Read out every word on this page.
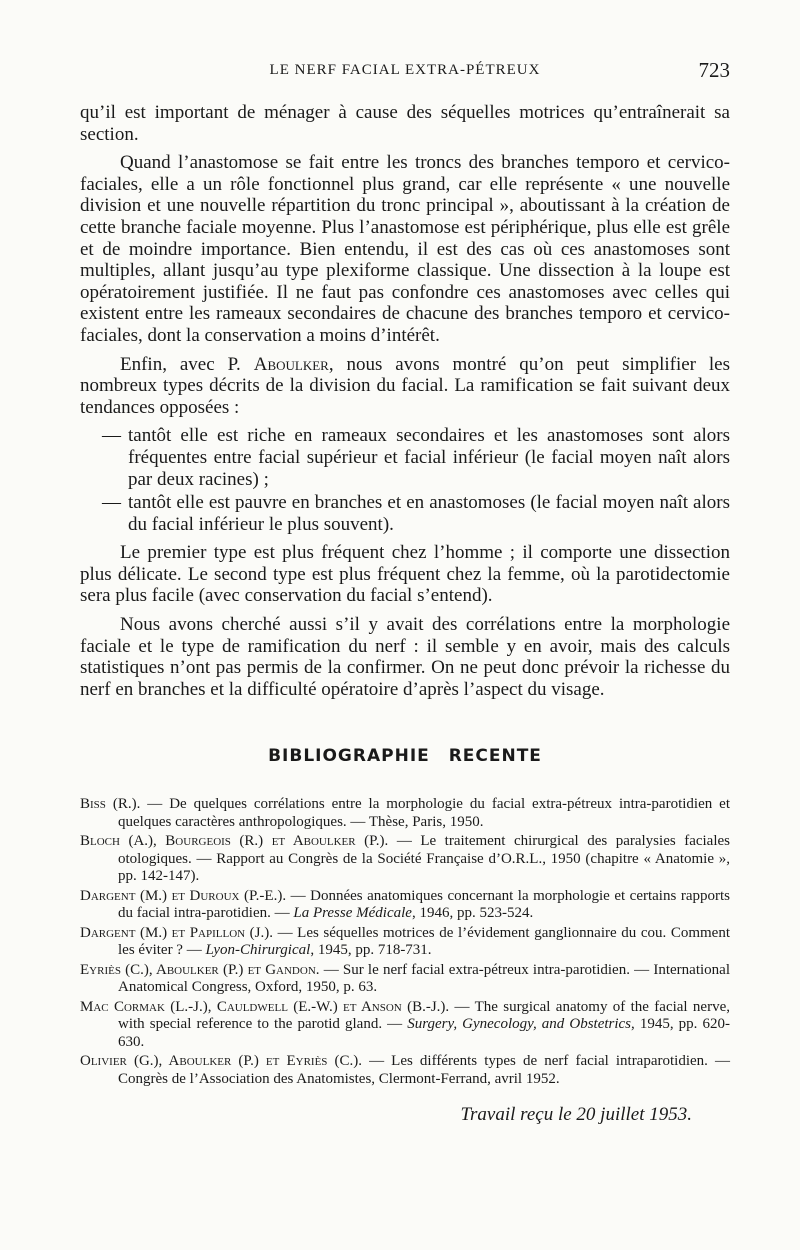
LE NERF FACIAL EXTRA-PÉTREUX	723

qu’il est important de ménager à cause des séquelles motrices qu’entraînerait sa section.

Quand l’anastomose se fait entre les troncs des branches temporo et cervico-faciales, elle a un rôle fonctionnel plus grand, car elle représente « une nouvelle division et une nouvelle répartition du tronc principal », aboutissant à la création de cette branche faciale moyenne. Plus l’anastomose est périphérique, plus elle est grêle et de moindre importance. Bien entendu, il est des cas où ces anastomoses sont multiples, allant jusqu’au type plexiforme classique. Une dissection à la loupe est opératoirement justifiée. Il ne faut pas confondre ces anastomoses avec celles qui existent entre les rameaux secondaires de chacune des branches temporo et cervico-faciales, dont la conservation a moins d’intérêt.

Enfin, avec P. Aboulker, nous avons montré qu’on peut simplifier les nombreux types décrits de la division du facial. La ramification se fait suivant deux tendances opposées :

— tantôt elle est riche en rameaux secondaires et les anastomoses sont alors fréquentes entre facial supérieur et facial inférieur (le facial moyen naît alors par deux racines) ;
— tantôt elle est pauvre en branches et en anastomoses (le facial moyen naît alors du facial inférieur le plus souvent).

Le premier type est plus fréquent chez l’homme ; il comporte une dissection plus délicate. Le second type est plus fréquent chez la femme, où la parotidectomie sera plus facile (avec conservation du facial s’entend).

Nous avons cherché aussi s’il y avait des corrélations entre la morphologie faciale et le type de ramification du nerf : il semble y en avoir, mais des calculs statistiques n’ont pas permis de la confirmer. On ne peut donc prévoir la richesse du nerf en branches et la difficulté opératoire d’après l’aspect du visage.

BIBLIOGRAPHIE RECENTE

Biss (R.). — De quelques corrélations entre la morphologie du facial extra-pétreux intra-parotidien et quelques caractères anthropologiques. — Thèse, Paris, 1950.

Bloch (A.), Bourgeois (R.) et Aboulker (P.). — Le traitement chirurgical des paralysies faciales otologiques. — Rapport au Congrès de la Société Française d’O.R.L., 1950 (chapitre « Anatomie », pp. 142-147).

Dargent (M.) et Duroux (P.-E.). — Données anatomiques concernant la morphologie et certains rapports du facial intra-parotidien. — La Presse Médicale, 1946, pp. 523-524.

Dargent (M.) et Papillon (J.). — Les séquelles motrices de l’évidement ganglionnaire du cou. Comment les éviter ? — Lyon-Chirurgical, 1945, pp. 718-731.

Eyriès (C.), Aboulker (P.) et Gandon. — Sur le nerf facial extra-pétreux intra-parotidien. — International Anatomical Congress, Oxford, 1950, p. 63.

Mac Cormak (L.-J.), Cauldwell (E.-W.) et Anson (B.-J.). — The surgical anatomy of the facial nerve, with special reference to the parotid gland. — Surgery, Gynecology, and Obstetrics, 1945, pp. 620-630.

Olivier (G.), Aboulker (P.) et Eyriès (C.). — Les différents types de nerf facial intraparotidien. — Congrès de l’Association des Anatomistes, Clermont-Ferrand, avril 1952.

Travail reçu le 20 juillet 1953.
